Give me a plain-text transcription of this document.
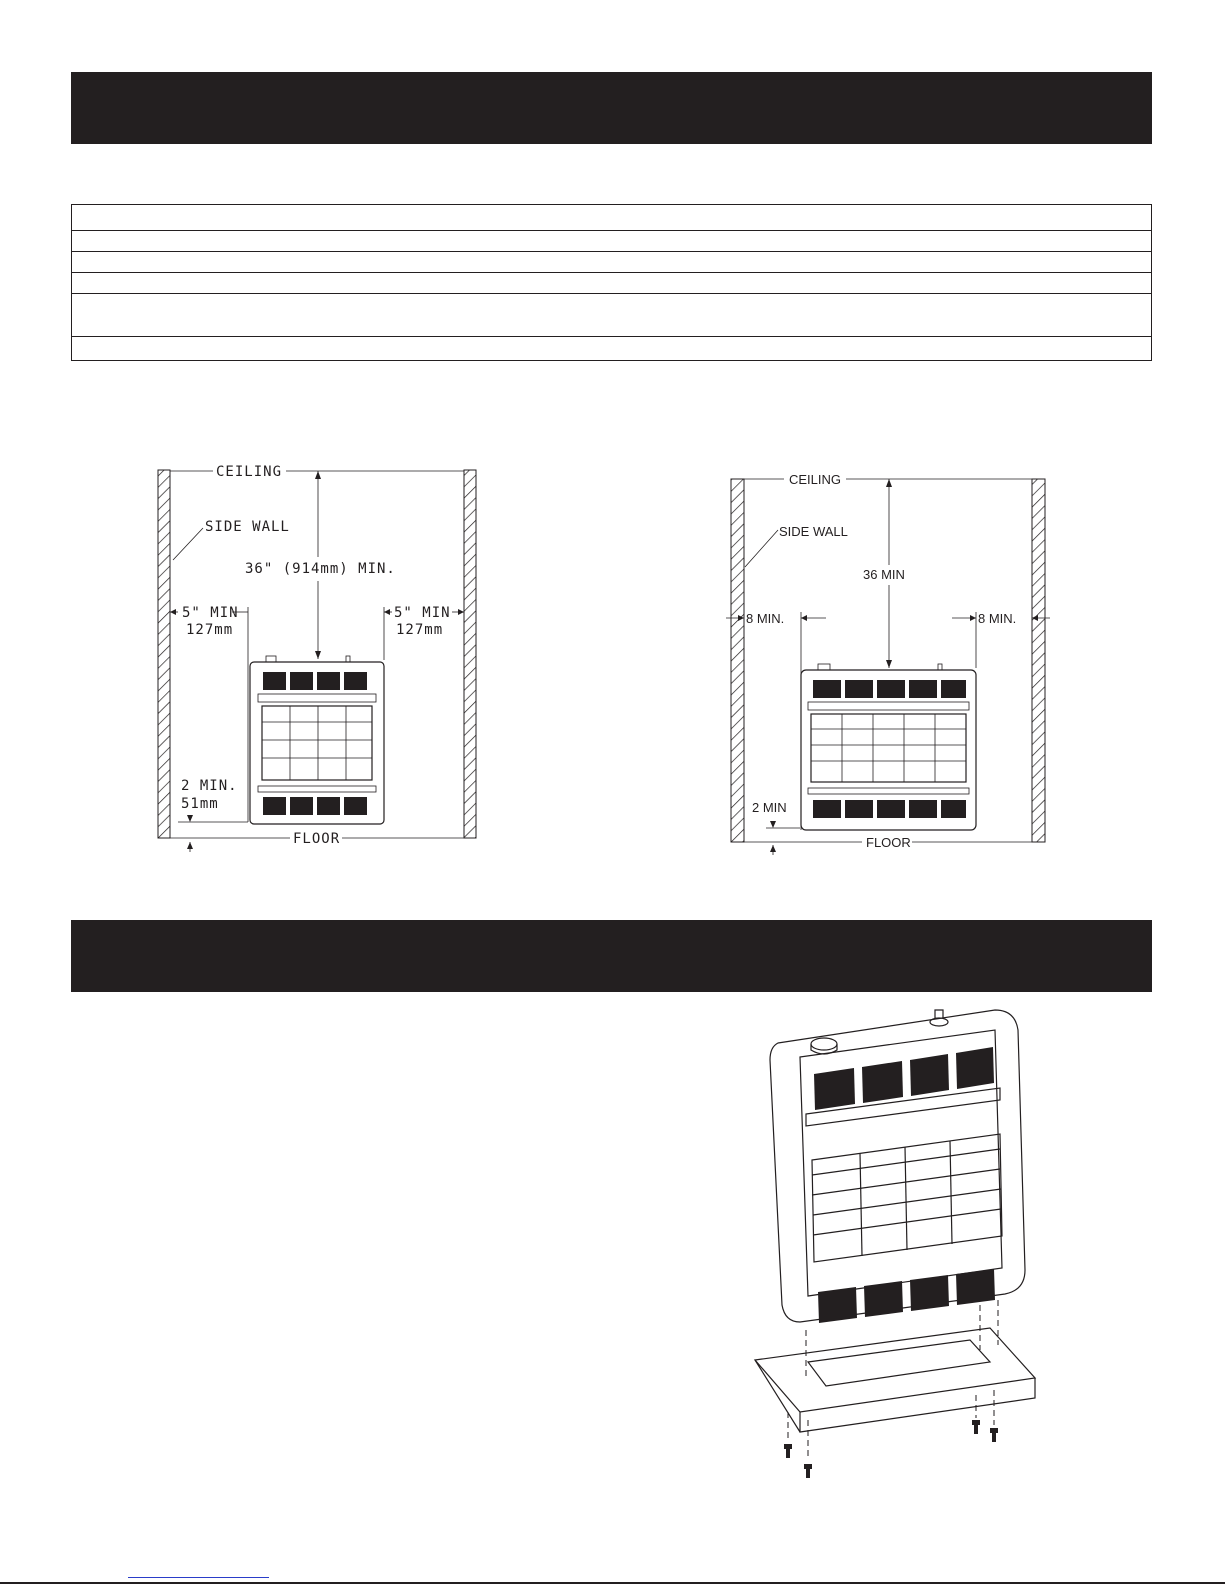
CEILING
FLOOR
SIDE WALL
36" (914mm) MIN.
5" MIN
127mm
5" MIN
127mm
2 MIN.
51mm
CEILING
FLOOR
SIDE WALL
36 MIN
8 MIN.	8 MIN.
2 MIN
